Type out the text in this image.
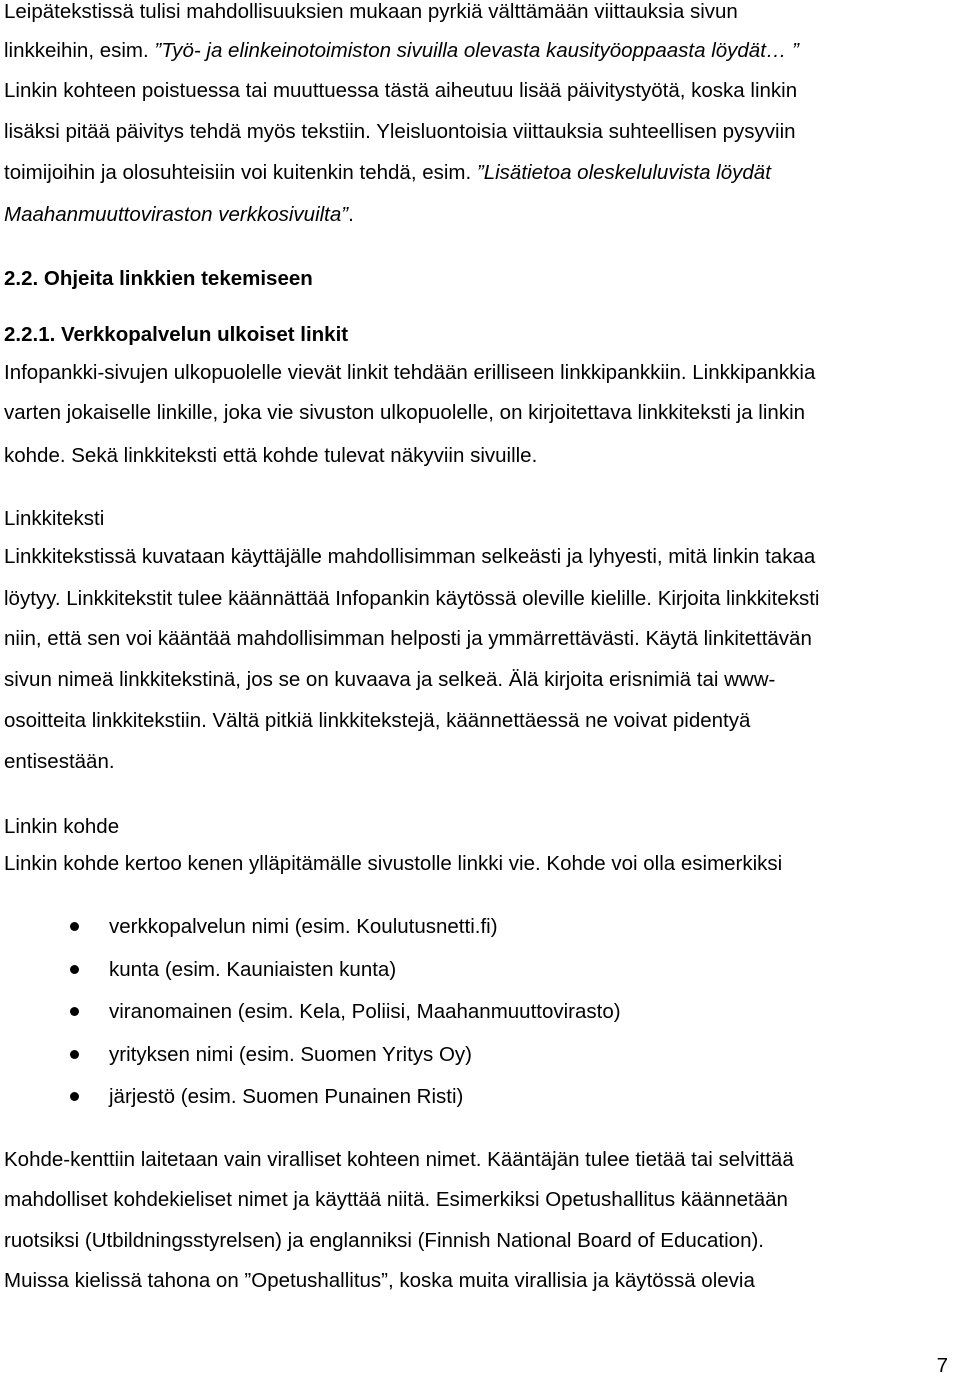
Leipätekstissä tulisi mahdollisuuksien mukaan pyrkiä välttämään viittauksia sivun
linkkeihin, esim. ”Työ- ja elinkeinotoimiston sivuilla olevasta kausityöoppaasta löydät… ”
Linkin kohteen poistuessa tai muuttuessa tästä aiheutuu lisää päivitystyötä, koska linkin
lisäksi pitää päivitys tehdä myös tekstiin. Yleisluontoisia viittauksia suhteellisen pysyviin
toimijoihin ja olosuhteisiin voi kuitenkin tehdä, esim. ”Lisätietoa oleskeluluvista löydät
Maahanmuuttoviraston verkkosivuilta”.
2.2. Ohjeita linkkien tekemiseen
2.2.1. Verkkopalvelun ulkoiset linkit
Infopankki-sivujen ulkopuolelle vievät linkit tehdään erilliseen linkkipankkiin. Linkkipankkia
varten jokaiselle linkille, joka vie sivuston ulkopuolelle, on kirjoitettava linkkiteksti ja linkin
kohde. Sekä linkkiteksti että kohde tulevat näkyviin sivuille.
Linkkiteksti
Linkkitekstissä kuvataan käyttäjälle mahdollisimman selkeästi ja lyhyesti, mitä linkin takaa
löytyy. Linkkitekstit tulee käännättää Infopankin käytössä oleville kielille. Kirjoita linkkiteksti
niin, että sen voi kääntää mahdollisimman helposti ja ymmärrettävästi. Käytä linkitettävän
sivun nimeä linkkitekstinä, jos se on kuvaava ja selkeä. Älä kirjoita erisnimiä tai www-
osoitteita linkkitekstiin. Vältä pitkiä linkkitekstejä, käännettäessä ne voivat pidentyä
entisestään.
Linkin kohde
Linkin kohde kertoo kenen ylläpitämälle sivustolle linkki vie. Kohde voi olla esimerkiksi
verkkopalvelun nimi (esim. Koulutusnetti.fi)
kunta (esim. Kauniaisten kunta)
viranomainen (esim. Kela, Poliisi, Maahanmuuttovirasto)
yrityksen nimi (esim. Suomen Yritys Oy)
järjestö (esim. Suomen Punainen Risti)
Kohde-kenttiin laitetaan vain viralliset kohteen nimet. Kääntäjän tulee tietää tai selvittää
mahdolliset kohdekieliset nimet ja käyttää niitä. Esimerkiksi Opetushallitus käännetään
ruotsiksi (Utbildningsstyrelsen) ja englanniksi (Finnish National Board of Education).
Muissa kielissä tahona on ”Opetushallitus”, koska muita virallisia ja käytössä olevia
7
